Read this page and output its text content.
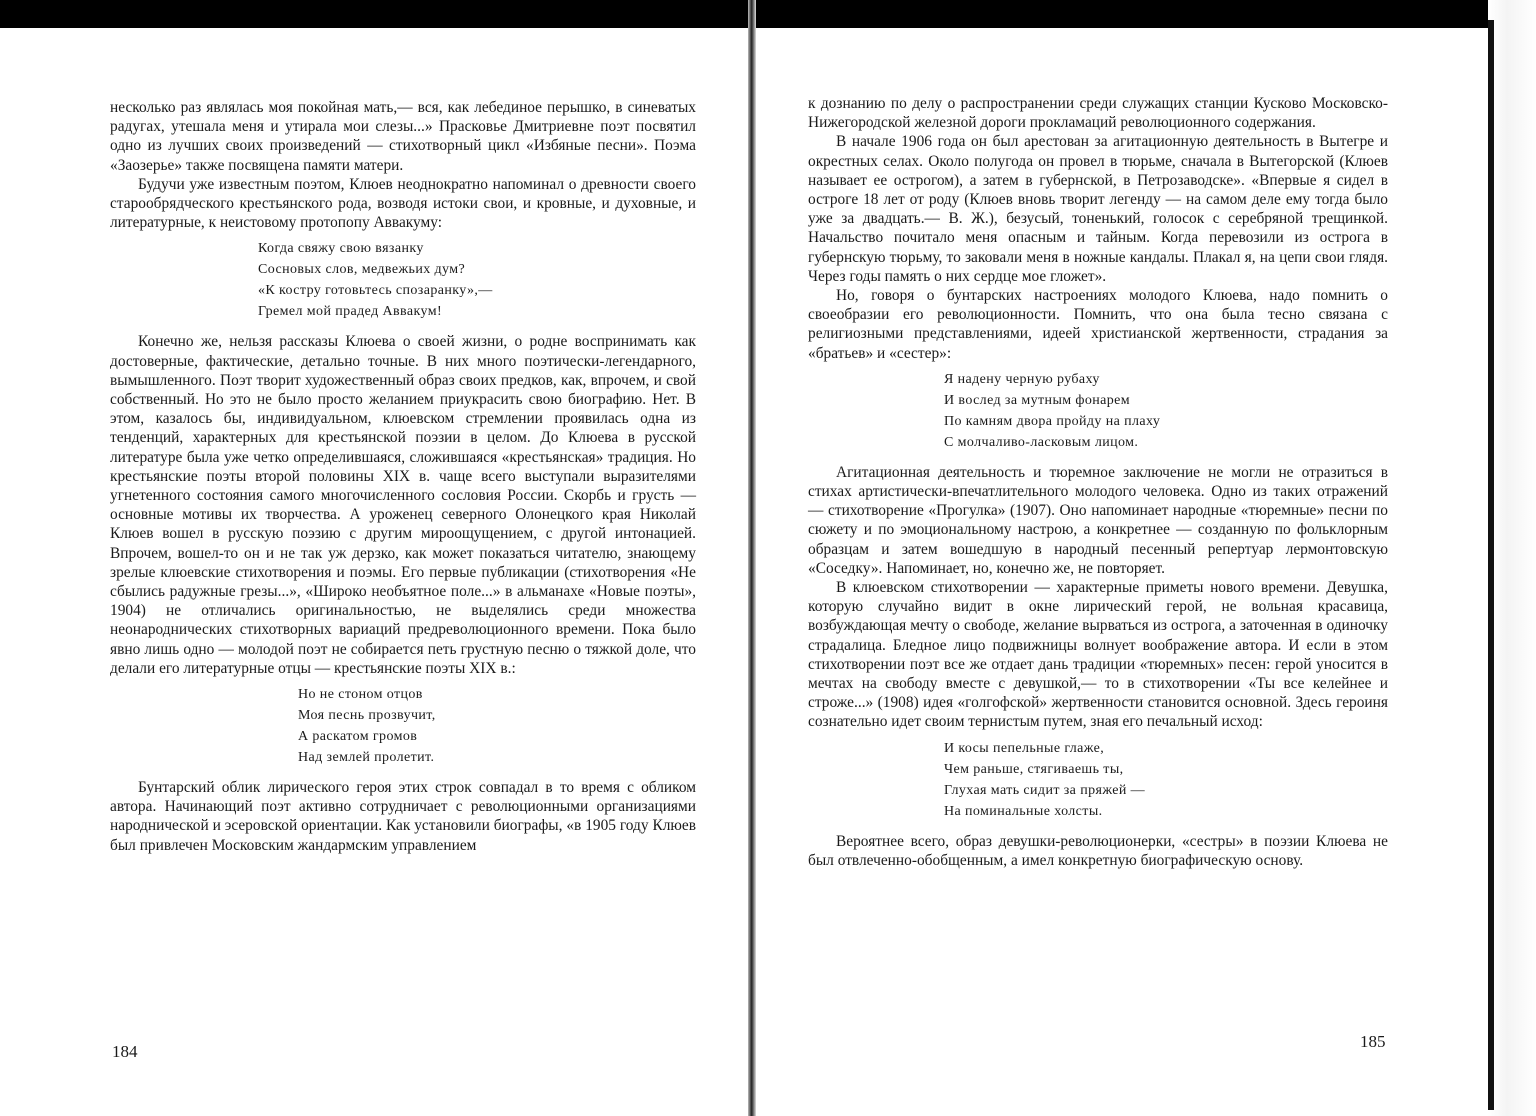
несколько раз являлась моя покойная мать,— вся, как лебединое перышко, в синеватых радугах, утешала меня и утирала мои слезы...» Прасковье Дмитриевне поэт посвятил одно из лучших своих произведений — стихотворный цикл «Избяные песни». Поэма «Заозерье» также посвящена памяти матери.

Будучи уже известным поэтом, Клюев неоднократно напоминал о древности своего старообрядческого крестьянского рода, возводя истоки свои, и кровные, и духовные, и литературные, к неистовому протопопу Аввакуму:

Когда свяжу свою вязанку
Сосновых слов, медвежьих дум?
«К костру готовьтесь спозаранку»,—
Гремел мой прадед Аввакум!

Конечно же, нельзя рассказы Клюева о своей жизни, о родне воспринимать как достоверные, фактические, детально точные. В них много поэтически-легендарного, вымышленного. Поэт творит художественный образ своих предков, как, впрочем, и свой собственный. Но это не было просто желанием приукрасить свою биографию. Нет. В этом, казалось бы, индивидуальном, клюевском стремлении проявилась одна из тенденций, характерных для крестьянской поэзии в целом. До Клюева в русской литературе была уже четко определившаяся, сложившаяся «крестьянская» традиция. Но крестьянские поэты второй половины XIX в. чаще всего выступали выразителями угнетенного состояния самого многочисленного сословия России. Скорбь и грусть — основные мотивы их творчества. А уроженец северного Олонецкого края Николай Клюев вошел в русскую поэзию с другим мироощущением, с другой интонацией. Впрочем, вошел-то он и не так уж дерзко, как может показаться читателю, знающему зрелые клюевские стихотворения и поэмы. Его первые публикации (стихотворения «Не сбылись радужные грезы...», «Широко необъятное поле...» в альманахе «Новые поэты», 1904) не отличались оригинальностью, не выделялись среди множества неонароднических стихотворных вариаций предреволюционного времени. Пока было явно лишь одно — молодой поэт не собирается петь грустную песню о тяжкой доле, что делали его литературные отцы — крестьянские поэты XIX в.:

Но не стоном отцов
Моя песнь прозвучит,
А раскатом громов
Над землей пролетит.

Бунтарский облик лирического героя этих строк совпадал в то время с обликом автора. Начинающий поэт активно сотрудничает с революционными организациями народнической и эсеровской ориентации. Как установили биографы, «в 1905 году Клюев был привлечен Московским жандармским управлением

184

к дознанию по делу о распространении среди служащих станции Кусково Московско-Нижегородской железной дороги прокламаций революционного содержания.

В начале 1906 года он был арестован за агитационную деятельность в Вытегре и окрестных селах. Около полугода он провел в тюрьме, сначала в Вытегорской (Клюев называет ее острогом), а затем в губернской, в Петрозаводске». «Впервые я сидел в остроге 18 лет от роду (Клюев вновь творит легенду — на самом деле ему тогда было уже за двадцать.— В. Ж.), безусый, тоненький, голосок с серебряной трещинкой. Начальство почитало меня опасным и тайным. Когда перевозили из острога в губернскую тюрьму, то заковали меня в ножные кандалы. Плакал я, на цепи свои глядя. Через годы память о них сердце мое гложет».

Но, говоря о бунтарских настроениях молодого Клюева, надо помнить о своеобразии его революционности. Помнить, что она была тесно связана с религиозными представлениями, идеей христианской жертвенности, страдания за «братьев» и «сестер»:

Я надену черную рубаху
И вослед за мутным фонарем
По камням двора пройду на плаху
С молчаливо-ласковым лицом.

Агитационная деятельность и тюремное заключение не могли не отразиться в стихах артистически-впечатлительного молодого человека. Одно из таких отражений — стихотворение «Прогулка» (1907). Оно напоминает народные «тюремные» песни по сюжету и по эмоциональному настрою, а конкретнее — созданную по фольклорным образцам и затем вошедшую в народный песенный репертуар лермонтовскую «Соседку». Напоминает, но, конечно же, не повторяет.

В клюевском стихотворении — характерные приметы нового времени. Девушка, которую случайно видит в окне лирический герой, не вольная красавица, возбуждающая мечту о свободе, желание вырваться из острога, а заточенная в одиночку страдалица. Бледное лицо подвижницы волнует воображение автора. И если в этом стихотворении поэт все же отдает дань традиции «тюремных» песен: герой уносится в мечтах на свободу вместе с девушкой,— то в стихотворении «Ты все келейнее и строже...» (1908) идея «голгофской» жертвенности становится основной. Здесь героиня сознательно идет своим тернистым путем, зная его печальный исход:

И косы пепельные глаже,
Чем раньше, стягиваешь ты,
Глухая мать сидит за пряжей —
На поминальные холсты.

Вероятнее всего, образ девушки-революционерки, «сестры» в поэзии Клюева не был отвлеченно-обобщенным, а имел конкретную биографическую основу.

185
